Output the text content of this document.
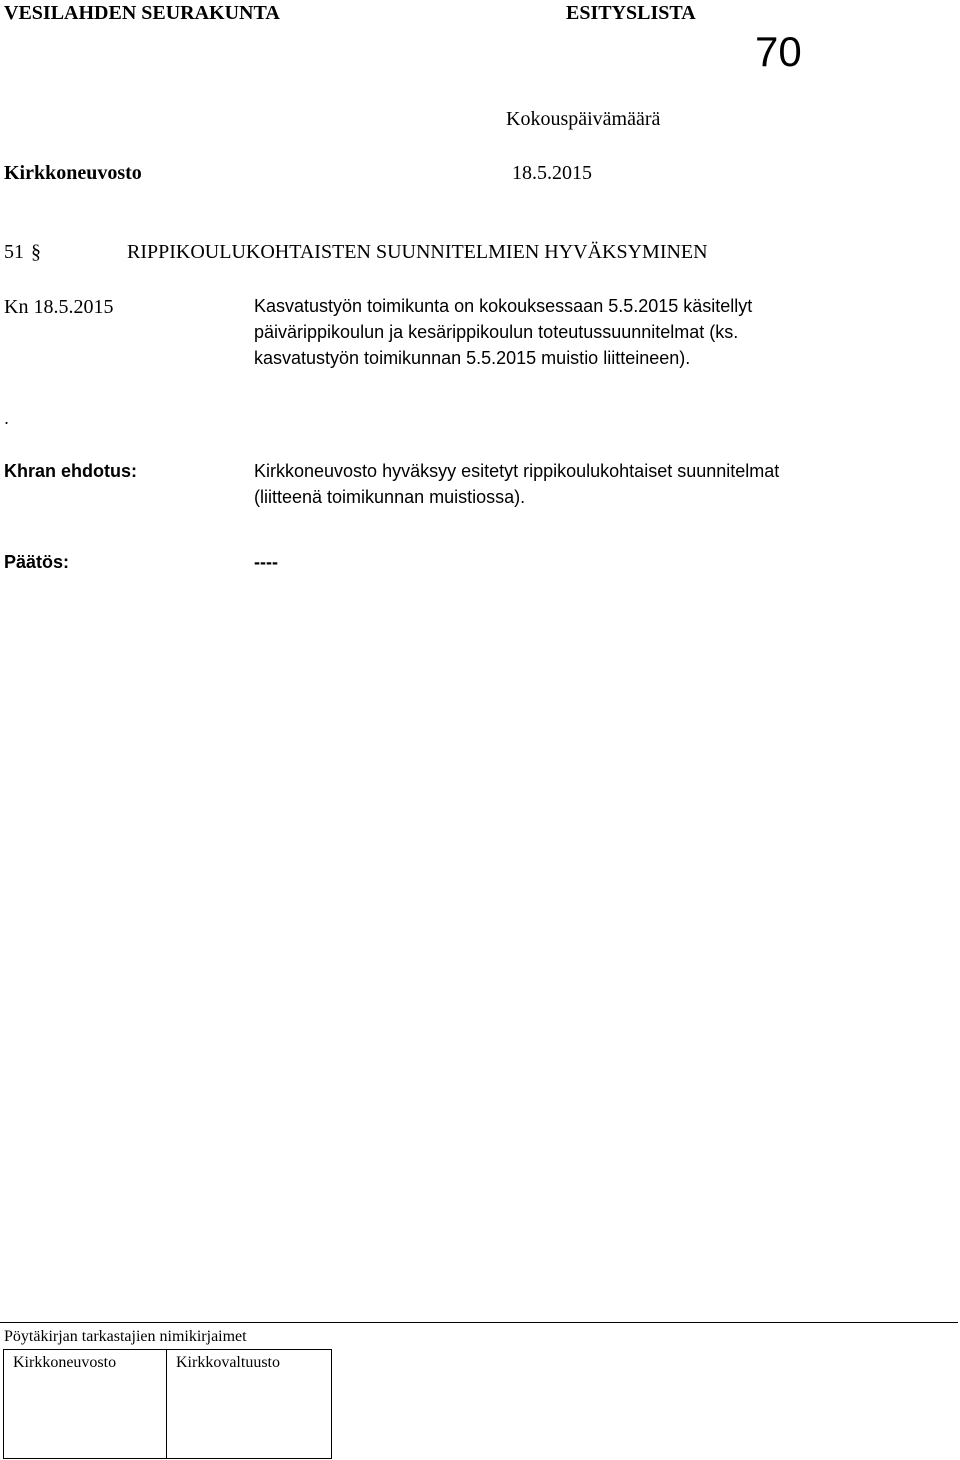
VESILAHDEN SEURAKUNTA	ESITYSLISTA
70
Kokouspäivämäärä
Kirkkoneuvosto	18.5.2015
51 §	RIPPIKOULUKOHTAISTEN SUUNNITELMIEN HYVÄKSYMINEN
Kn 18.5.2015	Kasvatustyön toimikunta on kokouksessaan 5.5.2015 käsitellyt
päivärippikoulun ja kesärippikoulun toteutussuunnitelmat (ks.
kasvatustyön toimikunnan 5.5.2015 muistio liitteineen).
.
Khran ehdotus:	Kirkkoneuvosto hyväksyy esitetyt rippikoulukohtaiset suunnitelmat
(liitteenä toimikunnan muistiossa).
Päätös:	----
Pöytäkirjan tarkastajien nimikirjaimet
Kirkkoneuvosto	Kirkkovaltuusto
